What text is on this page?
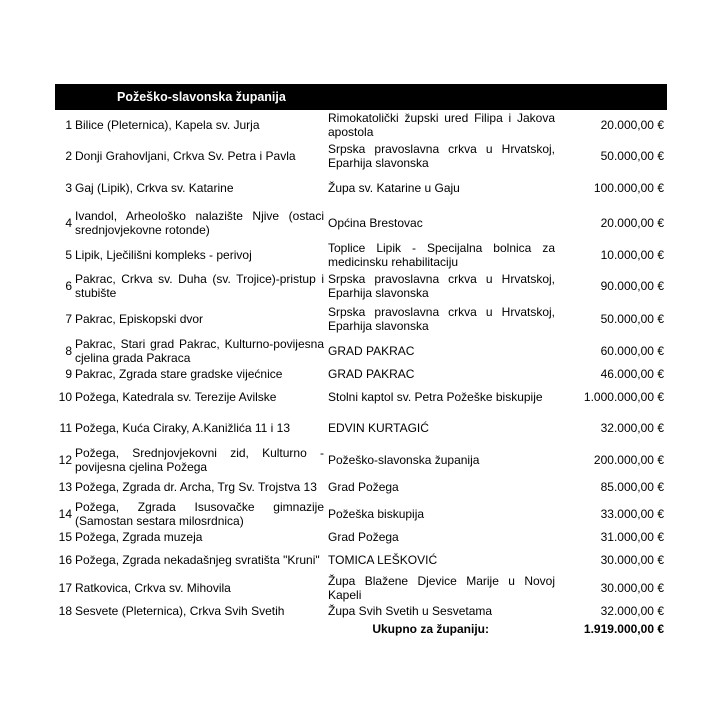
Požeško-slavonska županija
1	Bilice (Pleternica), Kapela sv. Jurja	Rimokatolički župski ured Filipa i Jakova apostola	20.000,00 €
2	Donji Grahovljani, Crkva Sv. Petra i Pavla	Srpska pravoslavna crkva u Hrvatskoj, Eparhija slavonska	50.000,00 €
3	Gaj (Lipik), Crkva sv. Katarine	Župa sv. Katarine u Gaju	100.000,00 €
4	Ivandol, Arheološko nalazište Njive (ostaci srednjovjekovne rotonde)	Općina Brestovac	20.000,00 €
5	Lipik, Lječilišni kompleks - perivoj	Toplice Lipik - Specijalna bolnica za medicinsku rehabilitaciju	10.000,00 €
6	Pakrac, Crkva sv. Duha (sv. Trojice)-pristup i stubište	Srpska pravoslavna crkva u Hrvatskoj, Eparhija slavonska	90.000,00 €
7	Pakrac, Episkopski dvor	Srpska pravoslavna crkva u Hrvatskoj, Eparhija slavonska	50.000,00 €
8	Pakrac, Stari grad Pakrac, Kulturno-povijesna cjelina grada Pakraca	GRAD PAKRAC	60.000,00 €
9	Pakrac, Zgrada stare gradske vijećnice	GRAD PAKRAC	46.000,00 €
10	Požega, Katedrala sv. Terezije Avilske	Stolni kaptol sv. Petra Požeške biskupije	1.000.000,00 €
11	Požega, Kuća Ciraky, A.Kanižlića 11 i 13	EDVIN KURTAGIĆ	32.000,00 €
12	Požega, Srednjovjekovni zid, Kulturno - povijesna cjelina Požega	Požeško-slavonska županija	200.000,00 €
13	Požega, Zgrada dr. Archa, Trg Sv. Trojstva 13	Grad Požega	85.000,00 €
14	Požega, Zgrada Isusovačke gimnazije (Samostan sestara milosrdnica)	Požeška biskupija	33.000,00 €
15	Požega, Zgrada muzeja	Grad Požega	31.000,00 €
16	Požega, Zgrada nekadašnjeg svratišta "Kruni"	TOMICA LEŠKOVIĆ	30.000,00 €
17	Ratkovica, Crkva sv. Mihovila	Župa Blažene Djevice Marije u Novoj Kapeli	30.000,00 €
18	Sesvete (Pleternica), Crkva Svih Svetih	Župa Svih Svetih u Sesvetama	32.000,00 €
Ukupno za županiju:			1.919.000,00 €
